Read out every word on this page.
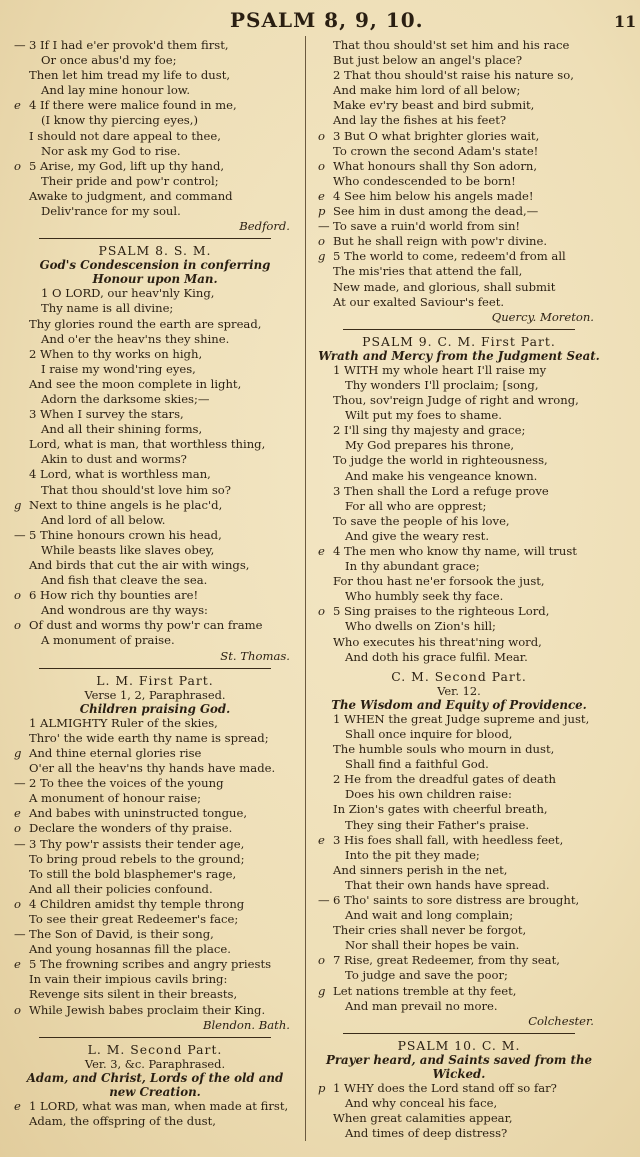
PSALM 8, 9, 10.	11
— 3 If I had e'er provok'd them first,
Or once abus'd my foe;
Then let him tread my life to dust,
And lay mine honour low.
e 4 If there were malice found in me,
(I know thy piercing eyes,)
I should not dare appeal to thee,
Nor ask my God to rise.
o 5 Arise, my God, lift up thy hand,
Their pride and pow'r control;
Awake to judgment, and command
Deliv'rance for my soul.
Bedford.
PSALM 8. S. M.
God's Condescension in conferring Honour upon Man.
1 O LORD, our heav'nly King,
Thy name is all divine;
Thy glories round the earth are spread,
And o'er the heav'ns they shine.
2 When to thy works on high,
I raise my wond'ring eyes,
And see the moon complete in light,
Adorn the darksome skies;—
3 When I survey the stars,
And all their shining forms,
Lord, what is man, that worthless thing,
Akin to dust and worms?
4 Lord, what is worthless man,
That thou should'st love him so?
g Next to thine angels is he plac'd,
And lord of all below.
— 5 Thine honours crown his head,
While beasts like slaves obey,
And birds that cut the air with wings,
And fish that cleave the sea.
o 6 How rich thy bounties are!
And wondrous are thy ways:
o Of dust and worms thy pow'r can frame
A monument of praise.
St. Thomas.
L. M. First Part.
Verse 1, 2, Paraphrased.
Children praising God.
1 ALMIGHTY Ruler of the skies,
Thro' the wide earth thy name is spread;
g And thine eternal glories rise
O'er all the heav'ns thy hands have made.
— 2 To thee the voices of the young
A monument of honour raise;
e And babes with uninstructed tongue,
o Declare the wonders of thy praise.
— 3 Thy pow'r assists their tender age,
To bring proud rebels to the ground;
To still the bold blasphemer's rage,
And all their policies confound.
o 4 Children amidst thy temple throng
To see their great Redeemer's face;
— The Son of David, is their song,
And young hosannas fill the place.
e 5 The frowning scribes and angry priests
In vain their impious cavils bring:
Revenge sits silent in their breasts,
o While Jewish babes proclaim their King.
Blendon. Bath.
L. M. Second Part.
Ver. 3, &c. Paraphrased.
Adam, and Christ, Lords of the old and new Creation.
e 1 LORD, what was man, when made at first,
Adam, the offspring of the dust,
That thou should'st set him and his race
But just below an angel's place?
2 That thou should'st raise his nature so,
And make him lord of all below;
Make ev'ry beast and bird submit,
And lay the fishes at his feet?
o 3 But O what brighter glories wait,
To crown the second Adam's state!
o What honours shall thy Son adorn,
Who condescended to be born!
e 4 See him below his angels made!
p See him in dust among the dead,—
— To save a ruin'd world from sin!
o But he shall reign with pow'r divine.
g 5 The world to come, redeem'd from all
The mis'ries that attend the fall,
New made, and glorious, shall submit
At our exalted Saviour's feet.
Quercy. Moreton.
PSALM 9. C. M. First Part.
Wrath and Mercy from the Judgment Seat.
1 WITH my whole heart I'll raise my
Thy wonders I'll proclaim; [song,
Thou, sov'reign Judge of right and wrong,
Wilt put my foes to shame.
2 I'll sing thy majesty and grace;
My God prepares his throne,
To judge the world in righteousness,
And make his vengeance known.
3 Then shall the Lord a refuge prove
For all who are opprest;
To save the people of his love,
And give the weary rest.
e 4 The men who know thy name, will trust
In thy abundant grace;
For thou hast ne'er forsook the just,
Who humbly seek thy face.
o 5 Sing praises to the righteous Lord,
Who dwells on Zion's hill;
Who executes his threat'ning word,
And doth his grace fulfil. Mear.
C. M. Second Part.
Ver. 12.
The Wisdom and Equity of Providence.
1 WHEN the great Judge supreme and just,
Shall once inquire for blood,
The humble souls who mourn in dust,
Shall find a faithful God.
2 He from the dreadful gates of death
Does his own children raise:
In Zion's gates with cheerful breath,
They sing their Father's praise.
e 3 His foes shall fall, with heedless feet,
Into the pit they made;
And sinners perish in the net,
That their own hands have spread.
— 6 Tho' saints to sore distress are brought,
And wait and long complain;
Their cries shall never be forgot,
Nor shall their hopes be vain.
o 7 Rise, great Redeemer, from thy seat,
To judge and save the poor;
g Let nations tremble at thy feet,
And man prevail no more.
Colchester.
PSALM 10. C. M.
Prayer heard, and Saints saved from the Wicked.
p 1 WHY does the Lord stand off so far?
And why conceal his face,
When great calamities appear,
And times of deep distress?
